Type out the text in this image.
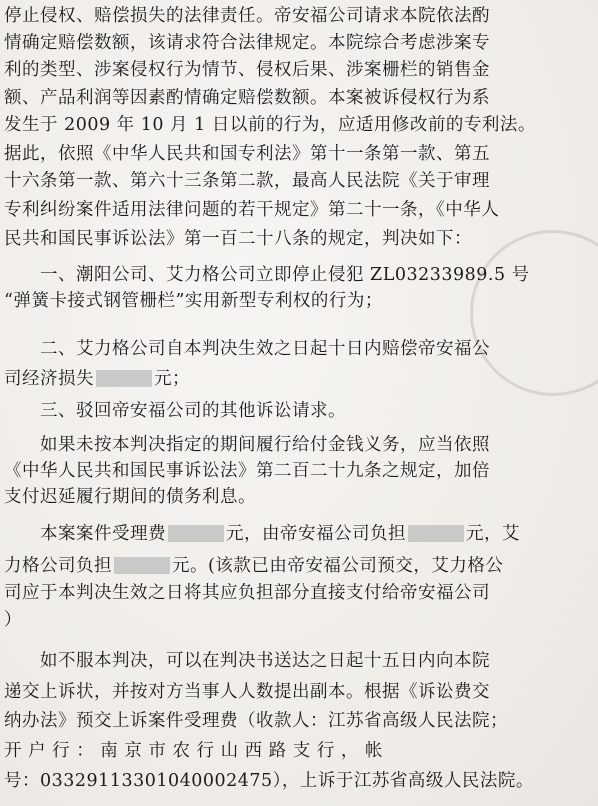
停止侵权、赔偿损失的法律责任。帝安福公司请求本院依法酌
情确定赔偿数额，该请求符合法律规定。本院综合考虑涉案专
利的类型、涉案侵权行为情节、侵权后果、涉案栅栏的销售金
额、产品利润等因素酌情确定赔偿数额。本案被诉侵权行为系
发生于 2009 年 10 月 1 日以前的行为，应适用修改前的专利法。
据此，依照《中华人民共和国专利法》第十一条第一款、第五
十六条第一款、第六十三条第二款，最高人民法院《关于审理
专利纠纷案件适用法律问题的若干规定》第二十一条，《中华人
民共和国民事诉讼法》第一百二十八条的规定，判决如下：
一、潮阳公司、艾力格公司立即停止侵犯 ZL03233989.5 号
“弹簧卡接式钢管栅栏”实用新型专利权的行为；
二、艾力格公司自本判决生效之日起十日内赔偿帝安福公
司经济损失	元；
三、驳回帝安福公司的其他诉讼请求。
如果未按本判决指定的期间履行给付金钱义务，应当依照
《中华人民共和国民事诉讼法》第二百二十九条之规定，加倍
支付迟延履行期间的债务利息。
本案案件受理费	元，由帝安福公司负担	元，艾
力格公司负担	元。(该款已由帝安福公司预交，艾力格公
司应于本判决生效之日将其应负担部分直接支付给帝安福公司
）
如不服本判决，可以在判决书送达之日起十五日内向本院
递交上诉状，并按对方当事人人数提出副本。根据《诉讼费交
纳办法》预交上诉案件受理费（收款人：江苏省高级人民法院；
开 户 行 ： 南 京 市 农 行 山 西 路 支 行 ， 帐
号：03329113301040002475），上诉于江苏省高级人民法院。
